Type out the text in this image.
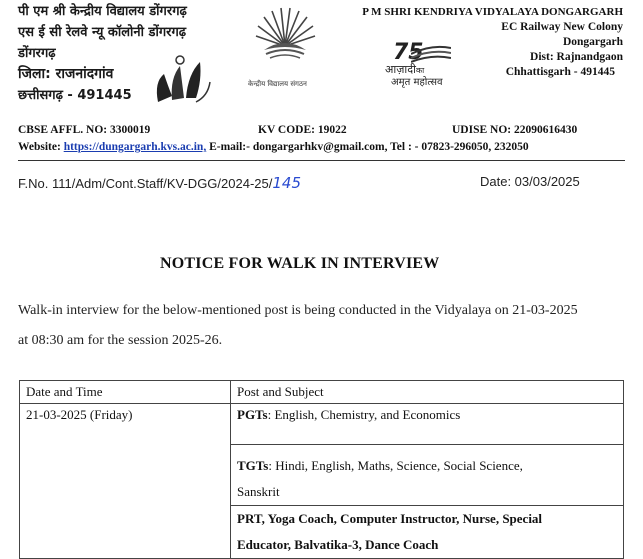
पी एम श्री केन्द्रीय विद्यालय डोंगरगढ़
एस ई सी रेलवे न्यू कॉलोनी डोंगरगढ़
डोंगरगढ़
जिला: राजनांदगांव
छत्तीसगढ़ - 491445
केन्द्रीय विद्यालय संगठन
75
आज़ादीका
अमृत महोत्सव
P M SHRI KENDRIYA VIDYALAYA DONGARGARH
EC Railway New Colony
Dongargarh
Dist: Rajnandgaon
Chhattisgarh - 491445
CBSE AFFL. NO: 3300019	KV CODE: 19022	UDISE NO: 22090616430
Website: https://dungargarh.kvs.ac.in, E-mail:- dongargarhkv@gmail.com, Tel : - 07823-296050, 232050
F.No. 111/Adm/Cont.Staff/KV-DGG/2024-25/145	Date: 03/03/2025
NOTICE FOR WALK IN INTERVIEW
Walk-in interview for the below-mentioned post is being conducted in the Vidyalaya on 21-03-2025
at 08:30 am for the session 2025-26.
Date and Time	Post and Subject
21-03-2025 (Friday)	PGTs: English, Chemistry, and Economics

	TGTs: Hindi, English, Maths, Science, Social Science,
Sanskrit

	PRT, Yoga Coach, Computer Instructor, Nurse, Special
Educator, Balvatika-3, Dance Coach
